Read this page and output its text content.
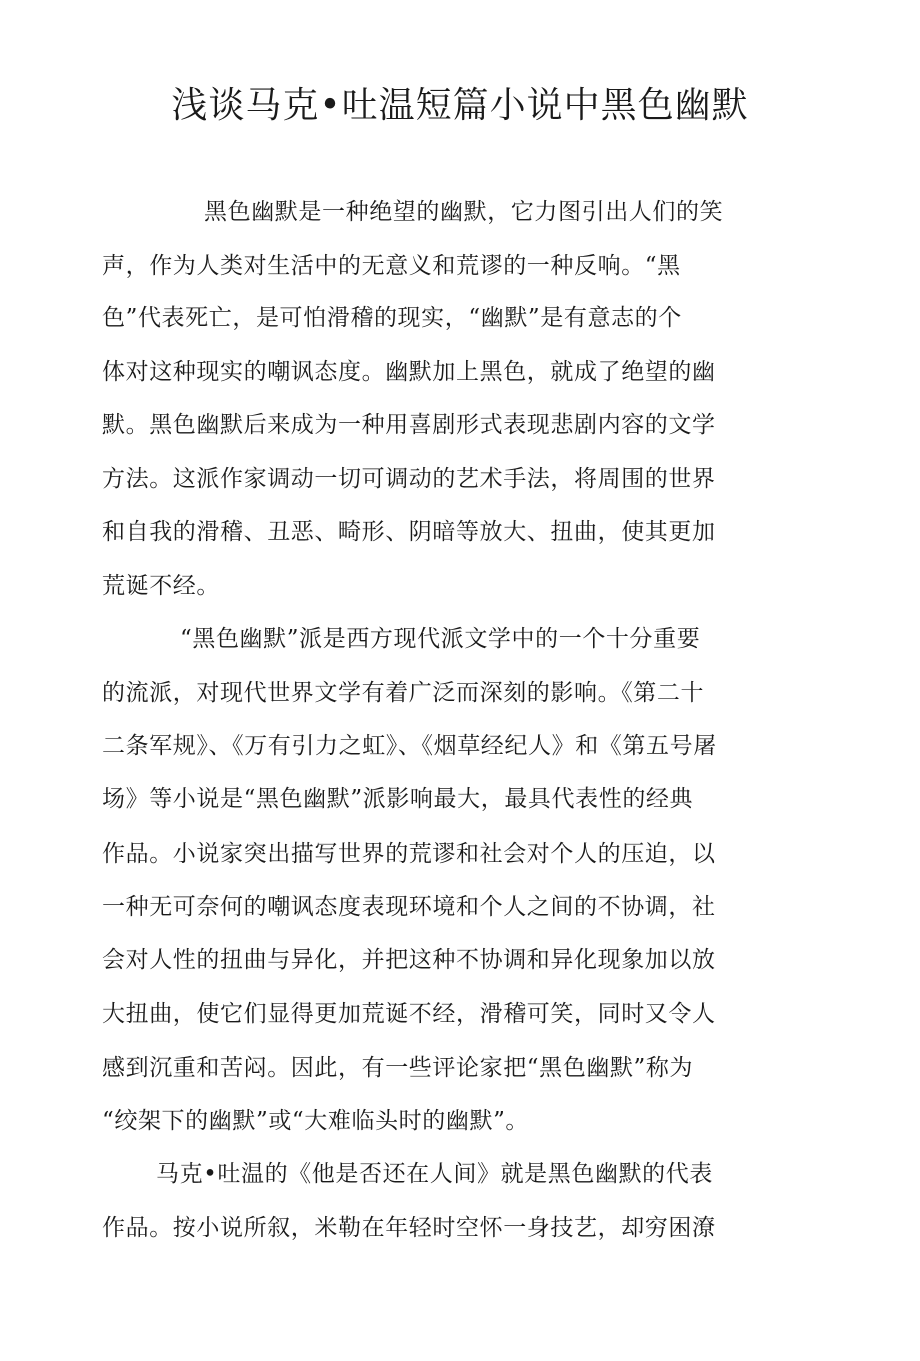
浅谈马克•吐温短篇小说中黑色幽默
黑色幽默是一种绝望的幽默，它力图引出人们的笑
声，作为人类对生活中的无意义和荒谬的一种反响。“黑
色”代表死亡，是可怕滑稽的现实，“幽默”是有意志的个
体对这种现实的嘲讽态度。幽默加上黑色，就成了绝望的幽
默。黑色幽默后来成为一种用喜剧形式表现悲剧内容的文学
方法。这派作家调动一切可调动的艺术手法，将周围的世界
和自我的滑稽、丑恶、畸形、阴暗等放大、扭曲，使其更加
荒诞不经。
“黑色幽默”派是西方现代派文学中的一个十分重要
的流派，对现代世界文学有着广泛而深刻的影响。《第二十
二条军规》、《万有引力之虹》、《烟草经纪人》和《第五号屠
场》等小说是“黑色幽默”派影响最大，最具代表性的经典
作品。小说家突出描写世界的荒谬和社会对个人的压迫，以
一种无可奈何的嘲讽态度表现环境和个人之间的不协调，社
会对人性的扭曲与异化，并把这种不协调和异化现象加以放
大扭曲，使它们显得更加荒诞不经，滑稽可笑，同时又令人
感到沉重和苦闷。因此，有一些评论家把“黑色幽默”称为
“绞架下的幽默”或“大难临头时的幽默”。
马克•吐温的《他是否还在人间》就是黑色幽默的代表
作品。按小说所叙，米勒在年轻时空怀一身技艺，却穷困潦
